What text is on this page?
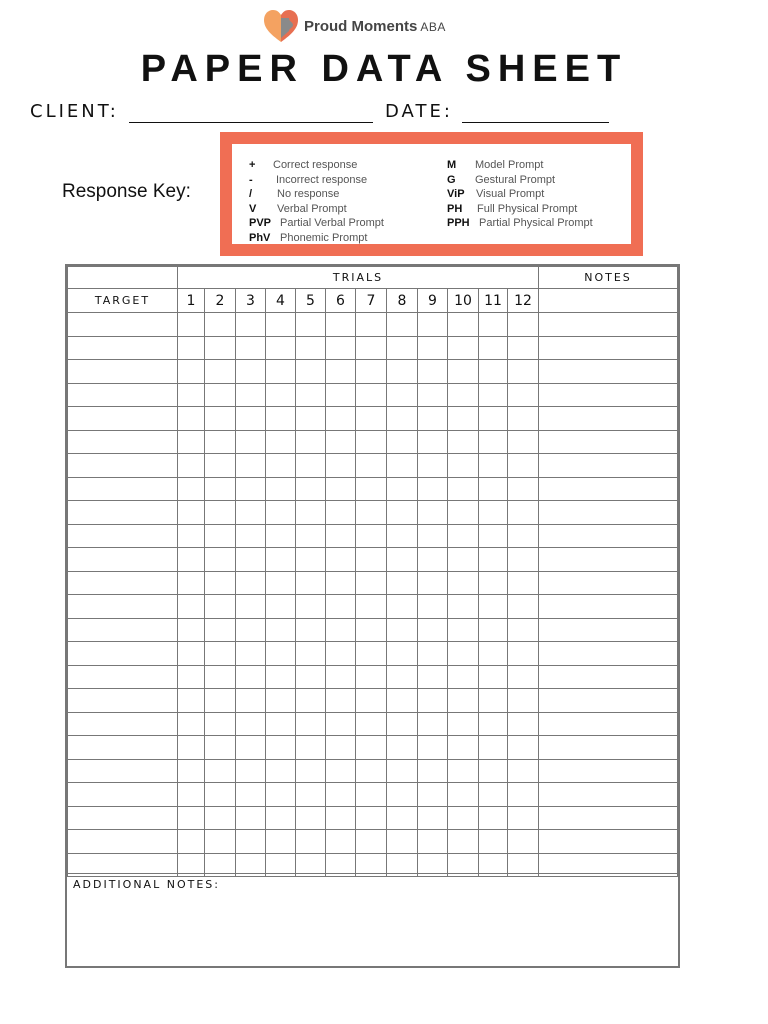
Proud Moments ABA
PAPER DATA SHEET
CLIENT:	DATE:
Response Key:
+	Correct response
-	Incorrect response
/	No response
V	Verbal Prompt
PVP Partial Verbal Prompt
PhV Phonemic Prompt
M	Model Prompt
G	Gestural Prompt
ViP	Visual Prompt
PH	Full Physical Prompt
PPH Partial Physical Prompt
	TRIALS												NOTES
TARGET	1	2	3	4	5	6	7	8	9	10	11	12	

ADDITIONAL NOTES:
